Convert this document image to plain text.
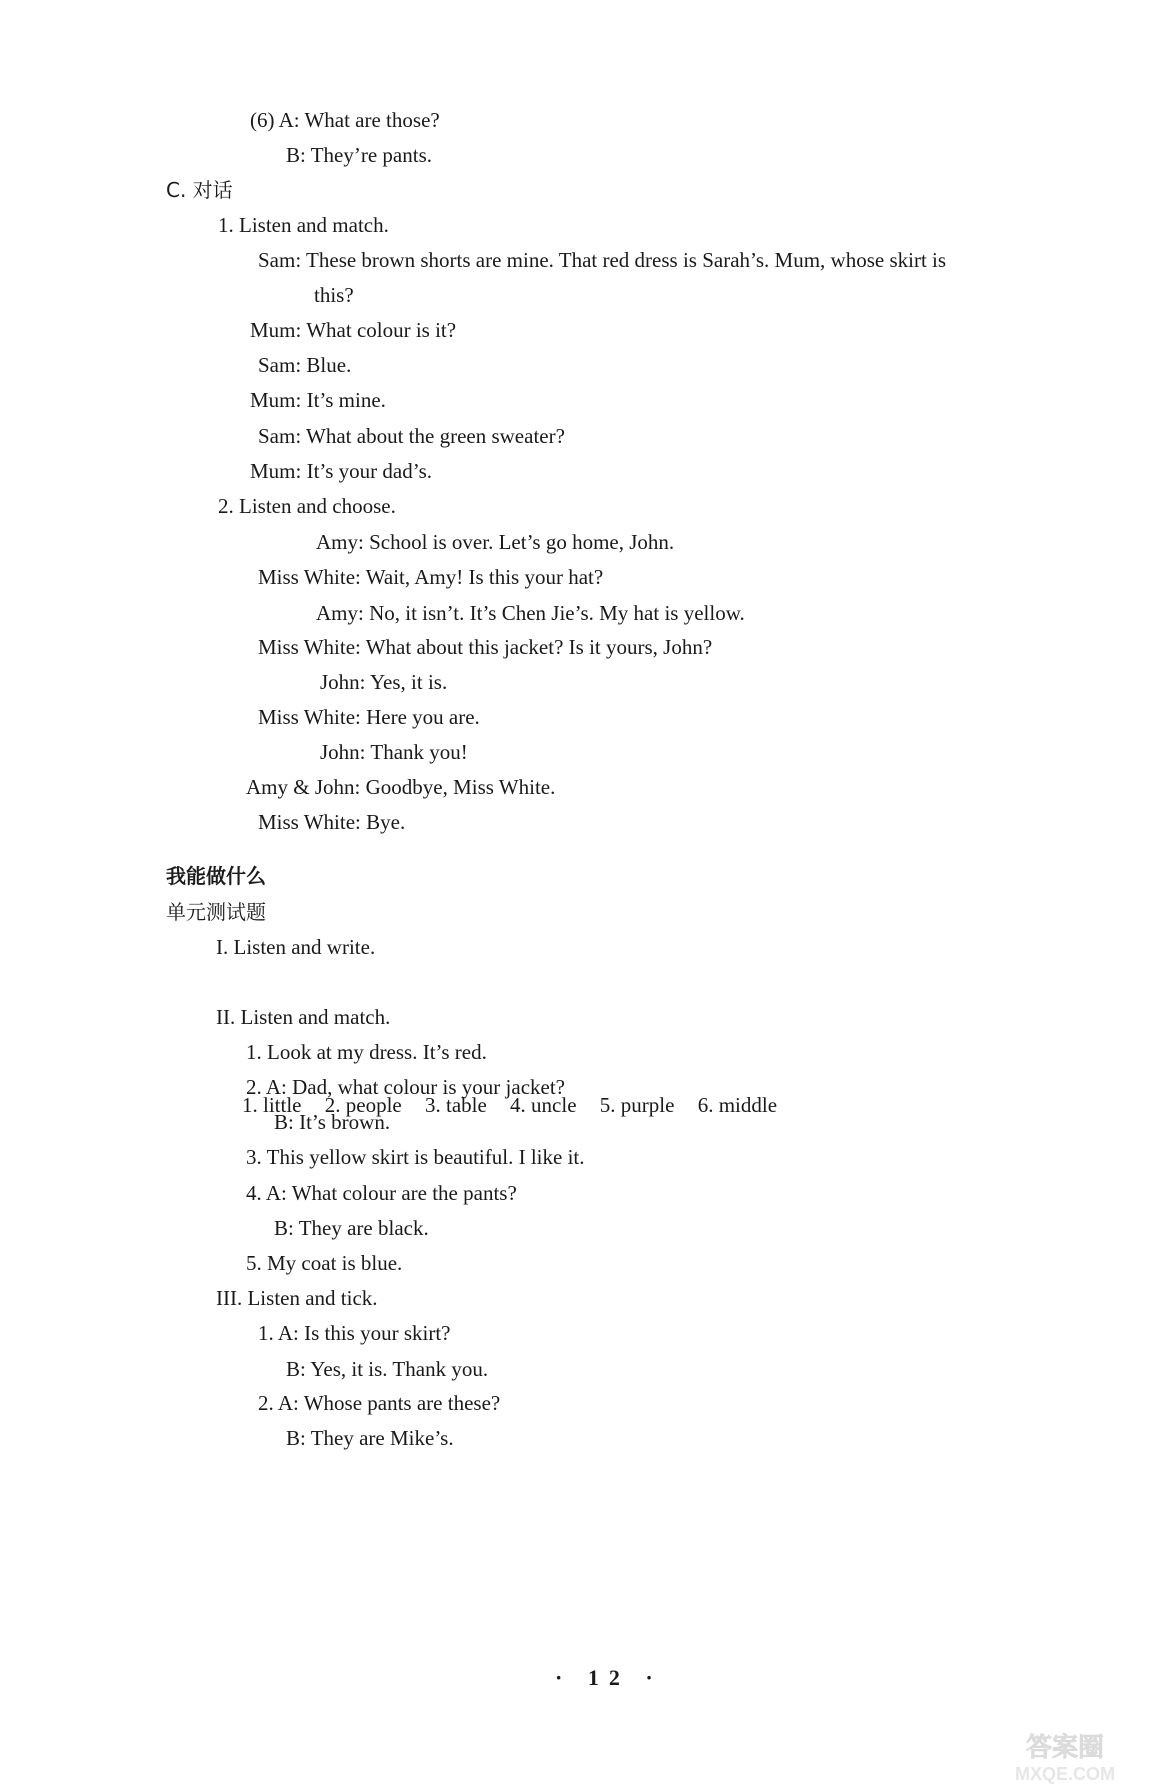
(6) A: What are those?
B: They’re pants.
C. 对话
1. Listen and match.
Sam: These brown shorts are mine. That red dress is Sarah’s. Mum, whose skirt is
this?
Mum: What colour is it?
Sam: Blue.
Mum: It’s mine.
Sam: What about the green sweater?
Mum: It’s your dad’s.
2. Listen and choose.
Amy: School is over. Let’s go home, John.
Miss White: Wait, Amy! Is this your hat?
Amy: No, it isn’t. It’s Chen Jie’s. My hat is yellow.
Miss White: What about this jacket? Is it yours, John?
John: Yes, it is.
Miss White: Here you are.
John: Thank you!
Amy & John: Goodbye, Miss White.
Miss White: Bye.
我能做什么
单元测试题
I. Listen and write.
1. little 2. people 3. table 4. uncle 5. purple 6. middle
II. Listen and match.
1. Look at my dress. It’s red.
2. A: Dad, what colour is your jacket?
B: It’s brown.
3. This yellow skirt is beautiful. I like it.
4. A: What colour are the pants?
B: They are black.
5. My coat is blue.
III. Listen and tick.
1. A: Is this your skirt?
B: Yes, it is. Thank you.
2. A: Whose pants are these?
B: They are Mike’s.
· 12 ·
答案圈
MXQE.COM
